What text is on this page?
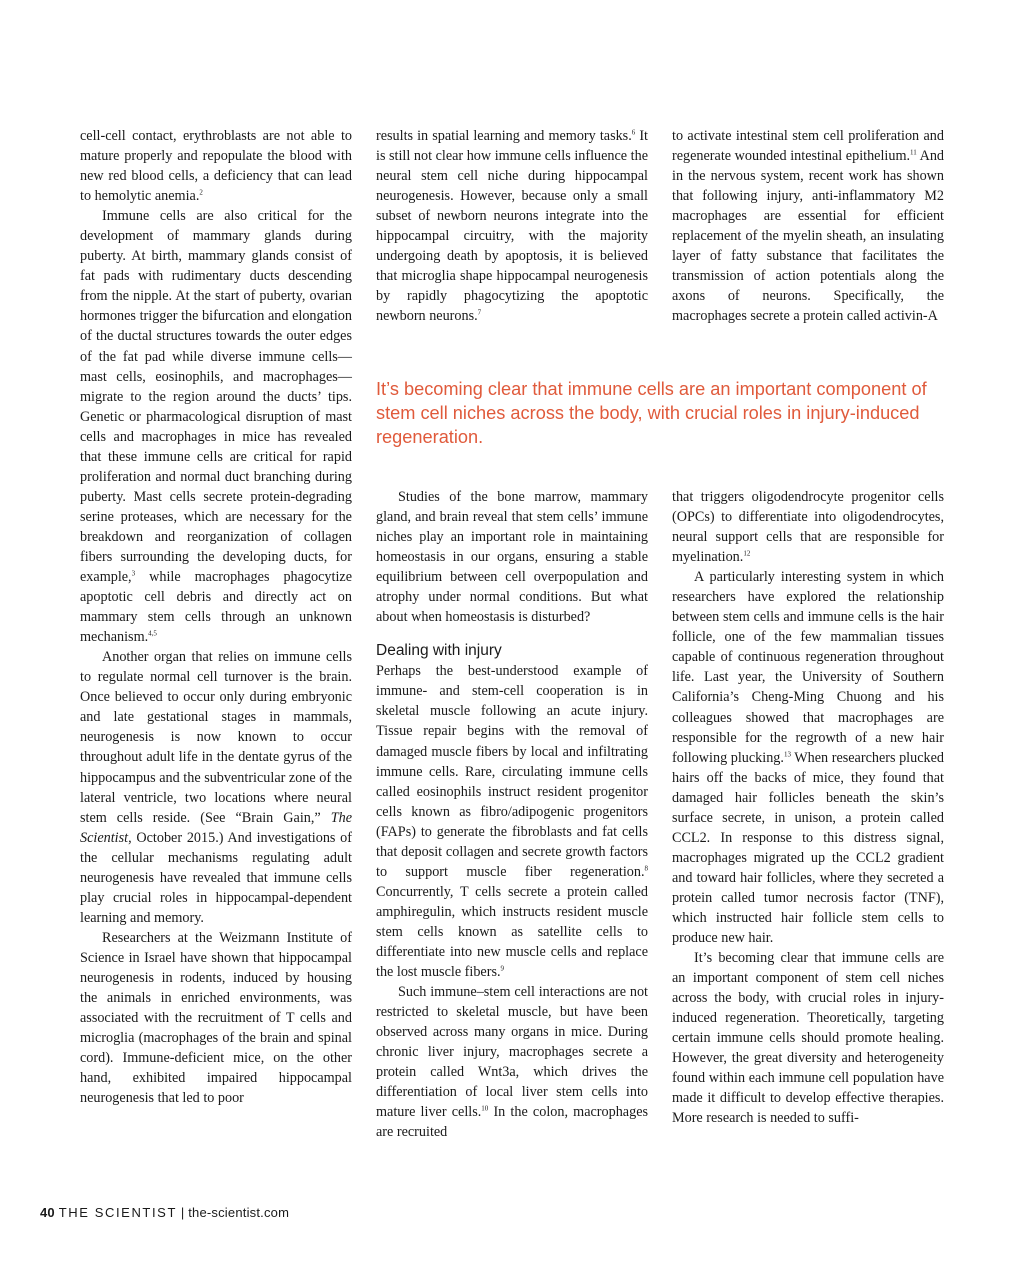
cell-cell contact, erythroblasts are not able to mature properly and repopulate the blood with new red blood cells, a deficiency that can lead to hemolytic anemia.$^2$

Immune cells are also critical for the development of mammary glands during puberty. At birth, mammary glands consist of fat pads with rudimentary ducts descending from the nipple. At the start of puberty, ovarian hormones trigger the bifurcation and elongation of the ductal structures towards the outer edges of the fat pad while diverse immune cells—mast cells, eosinophils, and macrophages—migrate to the region around the ducts’ tips. Genetic or pharmacological disruption of mast cells and macrophages in mice has revealed that these immune cells are critical for rapid proliferation and normal duct branching during puberty. Mast cells secrete protein-degrading serine proteases, which are necessary for the breakdown and reorganization of collagen fibers surrounding the developing ducts, for example,$^3$ while macrophages phagocytize apoptotic cell debris and directly act on mammary stem cells through an unknown mechanism.$^{4,5}$

Another organ that relies on immune cells to regulate normal cell turnover is the brain. Once believed to occur only during embryonic and late gestational stages in mammals, neurogenesis is now known to occur throughout adult life in the dentate gyrus of the hippocampus and the subventricular zone of the lateral ventricle, two locations where neural stem cells reside. (See “Brain Gain,” The Scientist, October 2015.) And investigations of the cellular mechanisms regulating adult neurogenesis have revealed that immune cells play crucial roles in hippocampal-dependent learning and memory.

Researchers at the Weizmann Institute of Science in Israel have shown that hippocampal neurogenesis in rodents, induced by housing the animals in enriched environments, was associated with the recruitment of T cells and microglia (macrophages of the brain and spinal cord). Immune-deficient mice, on the other hand, exhibited impaired hippocampal neurogenesis that led to poor

results in spatial learning and memory tasks.$^6$ It is still not clear how immune cells influence the neural stem cell niche during hippocampal neurogenesis. However, because only a small subset of newborn neurons integrate into the hippocampal circuitry, with the majority undergoing death by apoptosis, it is believed that microglia shape hippocampal neurogenesis by rapidly phagocytizing the apoptotic newborn neurons.$^7$

to activate intestinal stem cell proliferation and regenerate wounded intestinal epithelium.$^{11}$ And in the nervous system, recent work has shown that following injury, anti-inflammatory M2 macrophages are essential for efficient replacement of the myelin sheath, an insulating layer of fatty substance that facilitates the transmission of action potentials along the axons of neurons. Specifically, the macrophages secrete a protein called activin-A

It’s becoming clear that immune cells are an important component of stem cell niches across the body, with crucial roles in injury-induced regeneration.

Studies of the bone marrow, mammary gland, and brain reveal that stem cells’ immune niches play an important role in maintaining homeostasis in our organs, ensuring a stable equilibrium between cell overpopulation and atrophy under normal conditions. But what about when homeostasis is disturbed?

Dealing with injury

Perhaps the best-understood example of immune- and stem-cell cooperation is in skeletal muscle following an acute injury. Tissue repair begins with the removal of damaged muscle fibers by local and infiltrating immune cells. Rare, circulating immune cells called eosinophils instruct resident progenitor cells known as fibro/adipogenic progenitors (FAPs) to generate the fibroblasts and fat cells that deposit collagen and secrete growth factors to support muscle fiber regeneration.$^8$ Concurrently, T cells secrete a protein called amphiregulin, which instructs resident muscle stem cells known as satellite cells to differentiate into new muscle cells and replace the lost muscle fibers.$^9$

Such immune–stem cell interactions are not restricted to skeletal muscle, but have been observed across many organs in mice. During chronic liver injury, macrophages secrete a protein called Wnt3a, which drives the differentiation of local liver stem cells into mature liver cells.$^{10}$ In the colon, macrophages are recruited

that triggers oligodendrocyte progenitor cells (OPCs) to differentiate into oligodendrocytes, neural support cells that are responsible for myelination.$^{12}$

A particularly interesting system in which researchers have explored the relationship between stem cells and immune cells is the hair follicle, one of the few mammalian tissues capable of continuous regeneration throughout life. Last year, the University of Southern California’s Cheng-Ming Chuong and his colleagues showed that macrophages are responsible for the regrowth of a new hair following plucking.$^{13}$ When researchers plucked hairs off the backs of mice, they found that damaged hair follicles beneath the skin’s surface secrete, in unison, a protein called CCL2. In response to this distress signal, macrophages migrated up the CCL2 gradient and toward hair follicles, where they secreted a protein called tumor necrosis factor (TNF), which instructed hair follicle stem cells to produce new hair.

It’s becoming clear that immune cells are an important component of stem cell niches across the body, with crucial roles in injury-induced regeneration. Theoretically, targeting certain immune cells should promote healing. However, the great diversity and heterogeneity found within each immune cell population have made it difficult to develop effective therapies. More research is needed to suffi-

40 THE SCIENTIST | the-scientist.com
